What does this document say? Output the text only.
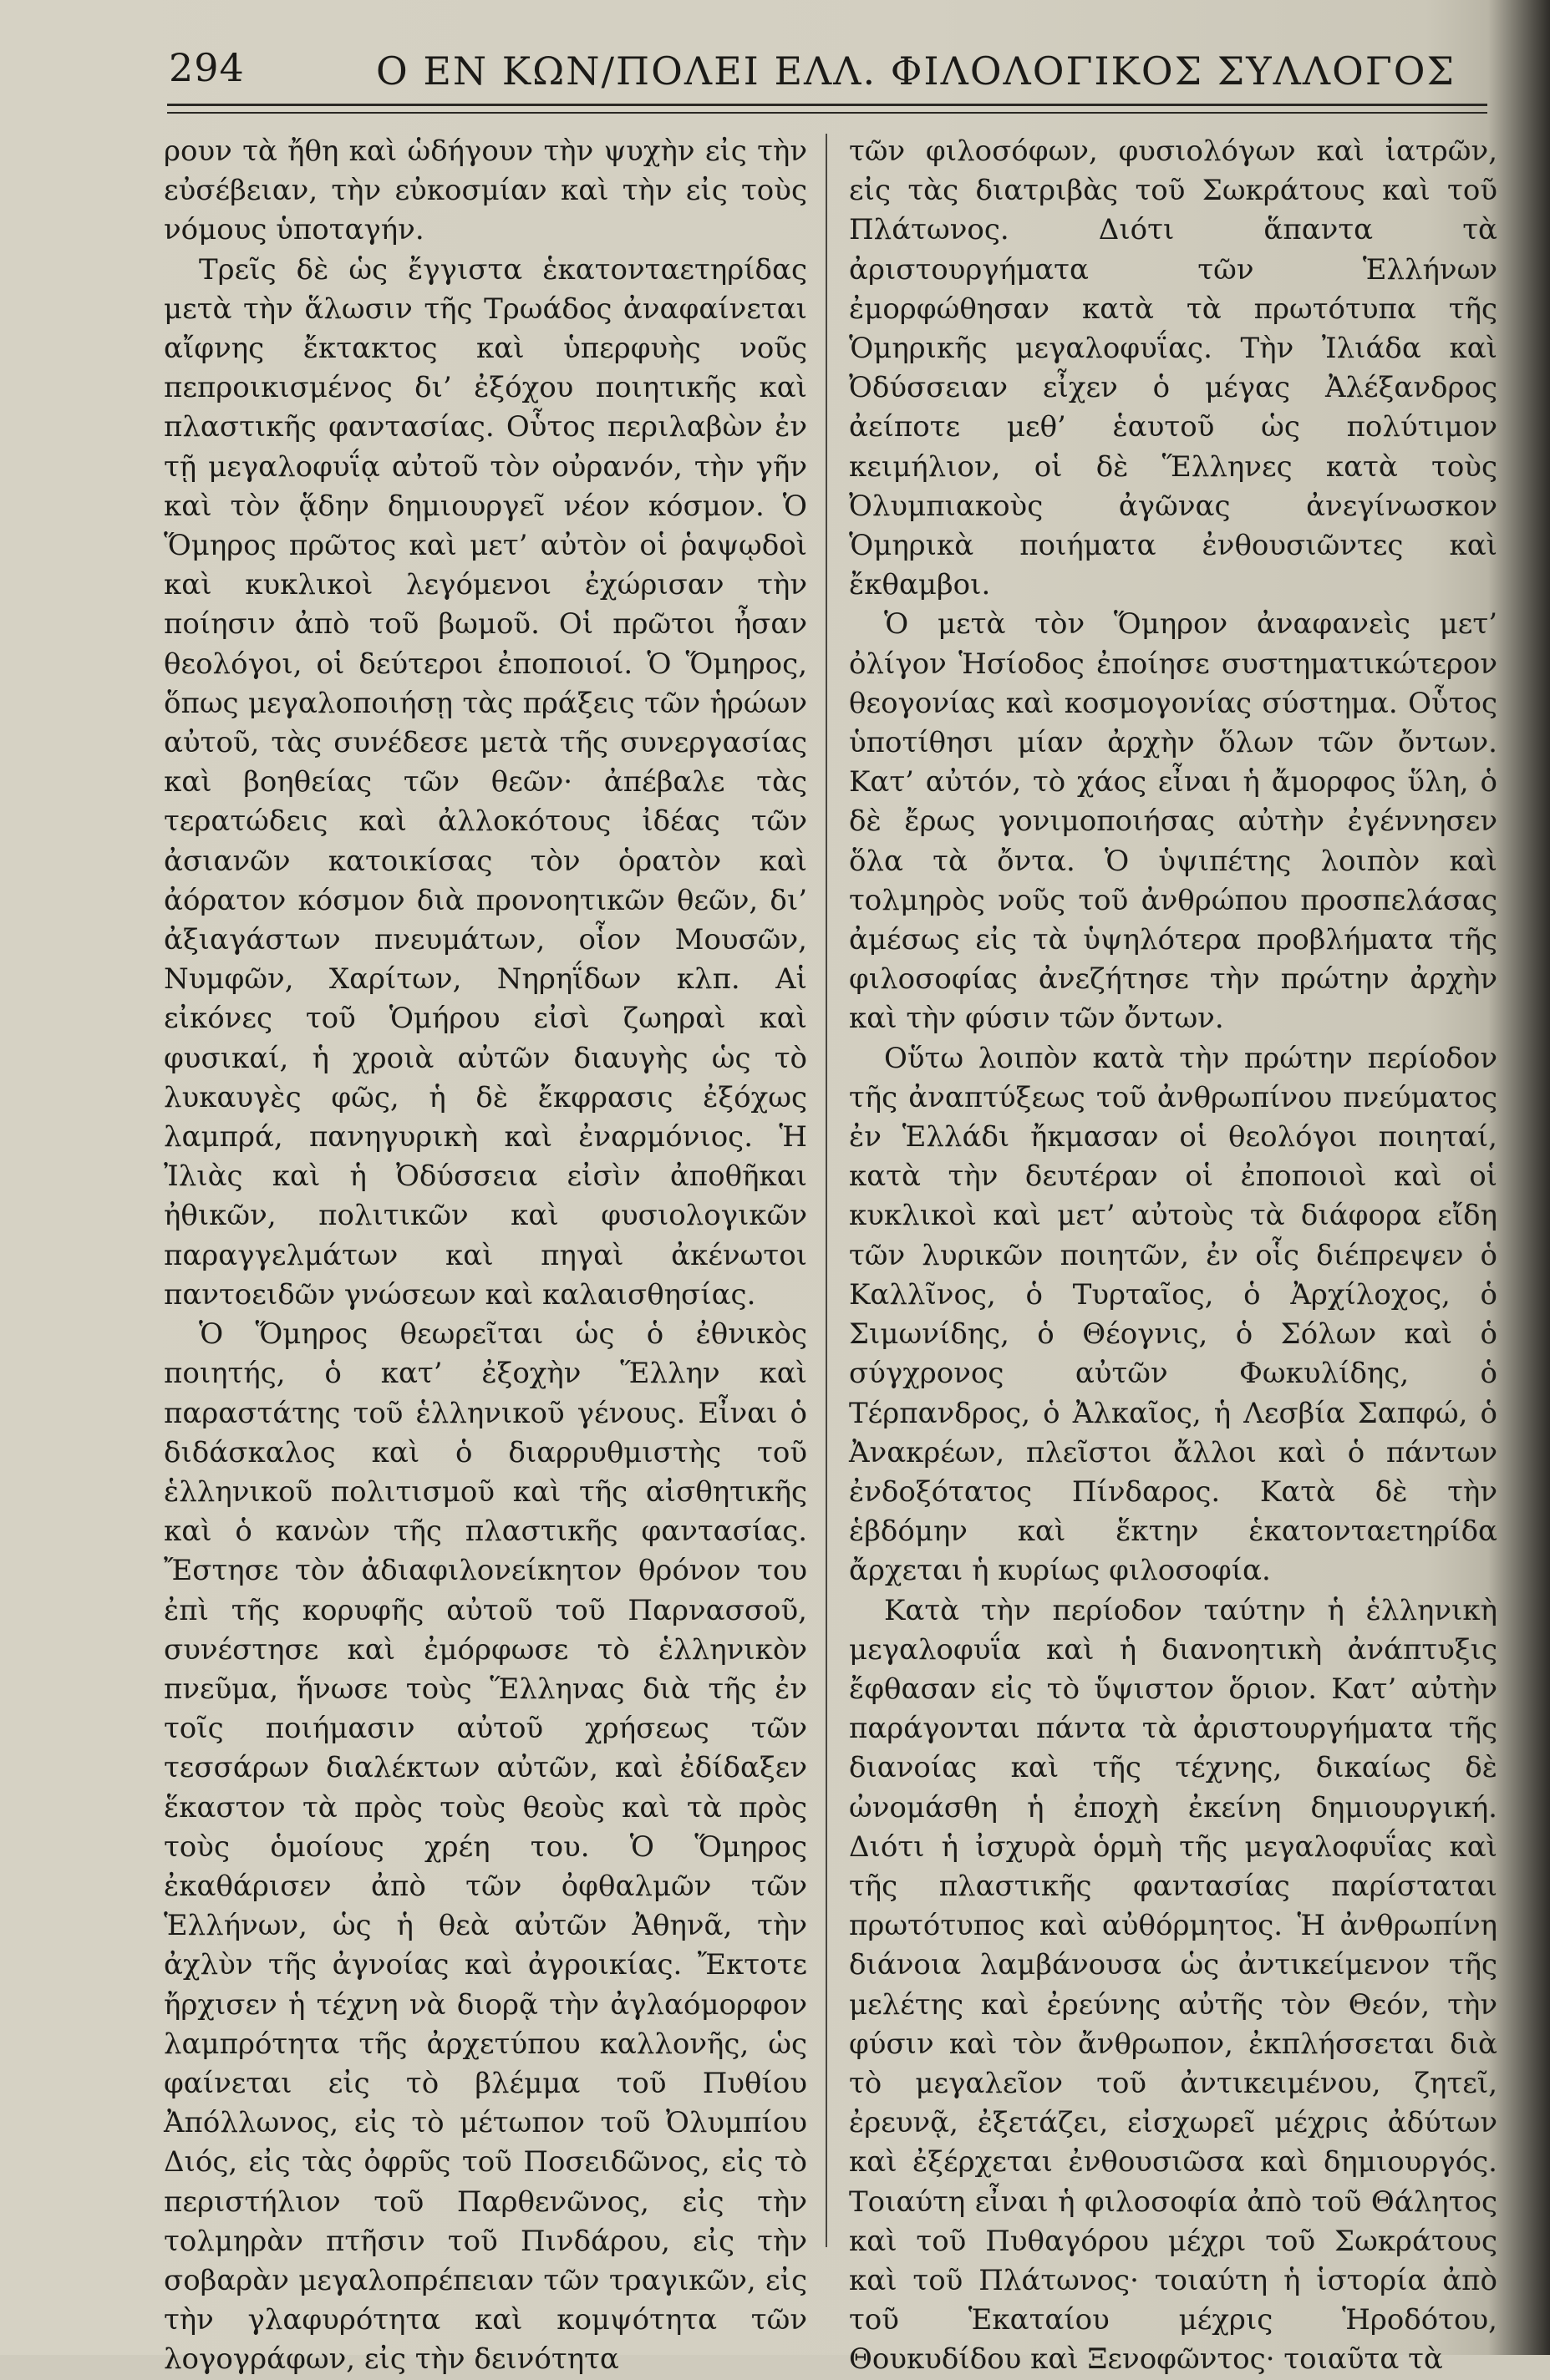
294	Ο ΕΝ ΚΩΝ/ΠΟΛΕΙ ΕΛΛ. ΦΙΛΟΛΟΓΙΚΟΣ ΣΥΛΛΟΓΟΣ

ρουν τὰ ἤθη καὶ ὡδήγουν τὴν ψυχὴν εἰς τὴν εὐσέβειαν, τὴν εὐκοσμίαν καὶ τὴν εἰς τοὺς νόμους ὑποταγήν.

Τρεῖς δὲ ὡς ἔγγιστα ἑκατονταετηρίδας μετὰ τὴν ἅλωσιν τῆς Τρωάδος ἀναφαίνεται αἴφνης ἔκτακτος καὶ ὑπερφυὴς νοῦς πεπροικισμένος δι’ ἐξόχου ποιητικῆς καὶ πλαστικῆς φαντασίας. Οὗτος περιλαβὼν ἐν τῇ μεγαλοφυΐᾳ αὐτοῦ τὸν οὐρανόν, τὴν γῆν καὶ τὸν ᾅδην δημιουργεῖ νέον κόσμον. Ὁ Ὅμηρος πρῶτος καὶ μετ’ αὐτὸν οἱ ῥαψῳδοὶ καὶ κυκλικοὶ λεγόμενοι ἐχώρισαν τὴν ποίησιν ἀπὸ τοῦ βωμοῦ. Οἱ πρῶτοι ἦσαν θεολόγοι, οἱ δεύτεροι ἐποποιοί. Ὁ Ὅμηρος, ὅπως μεγαλοποιήσῃ τὰς πράξεις τῶν ἡρώων αὐτοῦ, τὰς συνέδεσε μετὰ τῆς συνεργασίας καὶ βοηθείας τῶν θεῶν· ἀπέβαλε τὰς τερατώδεις καὶ ἀλλοκότους ἰδέας τῶν ἀσιανῶν κατοικίσας τὸν ὁρατὸν καὶ ἀόρατον κόσμον διὰ προνοητικῶν θεῶν, δι’ ἀξιαγάστων πνευμάτων, οἷον Μουσῶν, Νυμφῶν, Χαρίτων, Νηρηΐδων κλπ. Αἱ εἰκόνες τοῦ Ὁμήρου εἰσὶ ζωηραὶ καὶ φυσικαί, ἡ χροιὰ αὐτῶν διαυγὴς ὡς τὸ λυκαυγὲς φῶς, ἡ δὲ ἔκφρασις ἐξόχως λαμπρά, πανηγυρικὴ καὶ ἐναρμόνιος. Ἡ Ἰλιὰς καὶ ἡ Ὀδύσσεια εἰσὶν ἀποθῆκαι ἠθικῶν, πολιτικῶν καὶ φυσιολογικῶν παραγγελμάτων καὶ πηγαὶ ἀκένωτοι παντοειδῶν γνώσεων καὶ καλαισθησίας.

Ὁ Ὅμηρος θεωρεῖται ὡς ὁ ἐθνικὸς ποιητής, ὁ κατ’ ἐξοχὴν Ἕλλην καὶ παραστάτης τοῦ ἑλληνικοῦ γένους. Εἶναι ὁ διδάσκαλος καὶ ὁ διαρρυθμιστὴς τοῦ ἑλληνικοῦ πολιτισμοῦ καὶ τῆς αἰσθητικῆς καὶ ὁ κανὼν τῆς πλαστικῆς φαντασίας. Ἔστησε τὸν ἀδιαφιλονείκητον θρόνον του ἐπὶ τῆς κορυφῆς αὐτοῦ τοῦ Παρνασσοῦ, συνέστησε καὶ ἐμόρφωσε τὸ ἑλληνικὸν πνεῦμα, ἥνωσε τοὺς Ἕλληνας διὰ τῆς ἐν τοῖς ποιήμασιν αὐτοῦ χρήσεως τῶν τεσσάρων διαλέκτων αὐτῶν, καὶ ἐδίδαξεν ἕκαστον τὰ πρὸς τοὺς θεοὺς καὶ τὰ πρὸς τοὺς ὁμοίους χρέη του. Ὁ Ὅμηρος ἐκαθάρισεν ἀπὸ τῶν ὀφθαλμῶν τῶν Ἑλλήνων, ὡς ἡ θεὰ αὐτῶν Ἀθηνᾶ, τὴν ἀχλὺν τῆς ἀγνοίας καὶ ἀγροικίας. Ἔκτοτε ἤρχισεν ἡ τέχνη νὰ διορᾷ τὴν ἀγλαόμορφον λαμπρότητα τῆς ἀρχετύπου καλλονῆς, ὡς φαίνεται εἰς τὸ βλέμμα τοῦ Πυθίου Ἀπόλλωνος, εἰς τὸ μέτωπον τοῦ Ὀλυμπίου Διός, εἰς τὰς ὀφρῦς τοῦ Ποσειδῶνος, εἰς τὸ περιστήλιον τοῦ Παρθενῶνος, εἰς τὴν τολμηρὰν πτῆσιν τοῦ Πινδάρου, εἰς τὴν σοβαρὰν μεγαλοπρέπειαν τῶν τραγικῶν, εἰς τὴν γλαφυρότητα καὶ κομψότητα τῶν λογογράφων, εἰς τὴν δεινότητα

τῶν φιλοσόφων, φυσιολόγων καὶ ἰατρῶν, εἰς τὰς διατριβὰς τοῦ Σωκράτους καὶ τοῦ Πλάτωνος. Διότι ἅπαντα τὰ ἀριστουργήματα τῶν Ἑλλήνων ἐμορφώθησαν κατὰ τὰ πρωτότυπα τῆς Ὁμηρικῆς μεγαλοφυΐας. Τὴν Ἰλιάδα καὶ Ὀδύσσειαν εἶχεν ὁ μέγας Ἀλέξανδρος ἀείποτε μεθ’ ἑαυτοῦ ὡς πολύτιμον κειμήλιον, οἱ δὲ Ἕλληνες κατὰ τοὺς Ὀλυμπιακοὺς ἀγῶνας ἀνεγίνωσκον Ὁμηρικὰ ποιήματα ἐνθουσιῶντες καὶ ἔκθαμβοι.

Ὁ μετὰ τὸν Ὅμηρον ἀναφανεὶς μετ’ ὀλίγον Ἡσίοδος ἐποίησε συστηματικώτερον θεογονίας καὶ κοσμογονίας σύστημα. Οὗτος ὑποτίθησι μίαν ἀρχὴν ὅλων τῶν ὄντων. Κατ’ αὐτόν, τὸ χάος εἶναι ἡ ἄμορφος ὕλη, ὁ δὲ ἔρως γονιμοποιήσας αὐτὴν ἐγέννησεν ὅλα τὰ ὄντα. Ὁ ὑψιπέτης λοιπὸν καὶ τολμηρὸς νοῦς τοῦ ἀνθρώπου προσπελάσας ἀμέσως εἰς τὰ ὑψηλότερα προβλήματα τῆς φιλοσοφίας ἀνεζήτησε τὴν πρώτην ἀρχὴν καὶ τὴν φύσιν τῶν ὄντων.

Οὕτω λοιπὸν κατὰ τὴν πρώτην περίοδον τῆς ἀναπτύξεως τοῦ ἀνθρωπίνου πνεύματος ἐν Ἑλλάδι ἤκμασαν οἱ θεολόγοι ποιηταί, κατὰ τὴν δευτέραν οἱ ἐποποιοὶ καὶ οἱ κυκλικοὶ καὶ μετ’ αὐτοὺς τὰ διάφορα εἴδη τῶν λυρικῶν ποιητῶν, ἐν οἷς διέπρεψεν ὁ Καλλῖνος, ὁ Τυρταῖος, ὁ Ἀρχίλοχος, ὁ Σιμωνίδης, ὁ Θέογνις, ὁ Σόλων καὶ ὁ σύγχρονος αὐτῶν Φωκυλίδης, ὁ Τέρπανδρος, ὁ Ἀλκαῖος, ἡ Λεσβία Σαπφώ, ὁ Ἀνακρέων, πλεῖστοι ἄλλοι καὶ ὁ πάντων ἐνδοξότατος Πίνδαρος. Κατὰ δὲ τὴν ἑβδόμην καὶ ἕκτην ἑκατονταετηρίδα ἄρχεται ἡ κυρίως φιλοσοφία.

Κατὰ τὴν περίοδον ταύτην ἡ ἑλληνικὴ μεγαλοφυΐα καὶ ἡ διανοητικὴ ἀνάπτυξις ἔφθασαν εἰς τὸ ὕψιστον ὅριον. Κατ’ αὐτὴν παράγονται πάντα τὰ ἀριστουργήματα τῆς διανοίας καὶ τῆς τέχνης, δικαίως δὲ ὠνομάσθη ἡ ἐποχὴ ἐκείνη δημιουργική. Διότι ἡ ἰσχυρὰ ὁρμὴ τῆς μεγαλοφυΐας καὶ τῆς πλαστικῆς φαντασίας παρίσταται πρωτότυπος καὶ αὐθόρμητος. Ἡ ἀνθρωπίνη διάνοια λαμβάνουσα ὡς ἀντικείμενον τῆς μελέτης καὶ ἐρεύνης αὐτῆς τὸν Θεόν, τὴν φύσιν καὶ τὸν ἄνθρωπον, ἐκπλήσσεται διὰ τὸ μεγαλεῖον τοῦ ἀντικειμένου, ζητεῖ, ἐρευνᾷ, ἐξετάζει, εἰσχωρεῖ μέχρις ἀδύτων καὶ ἐξέρχεται ἐνθουσιῶσα καὶ δημιουργός. Τοιαύτη εἶναι ἡ φιλοσοφία ἀπὸ τοῦ Θάλητος καὶ τοῦ Πυθαγόρου μέχρι τοῦ Σωκράτους καὶ τοῦ Πλάτωνος· τοιαύτη ἡ ἱστορία ἀπὸ τοῦ Ἑκαταίου μέχρις Ἡροδότου, Θουκυδίδου καὶ Ξενοφῶντος· τοιαῦτα τὰ
